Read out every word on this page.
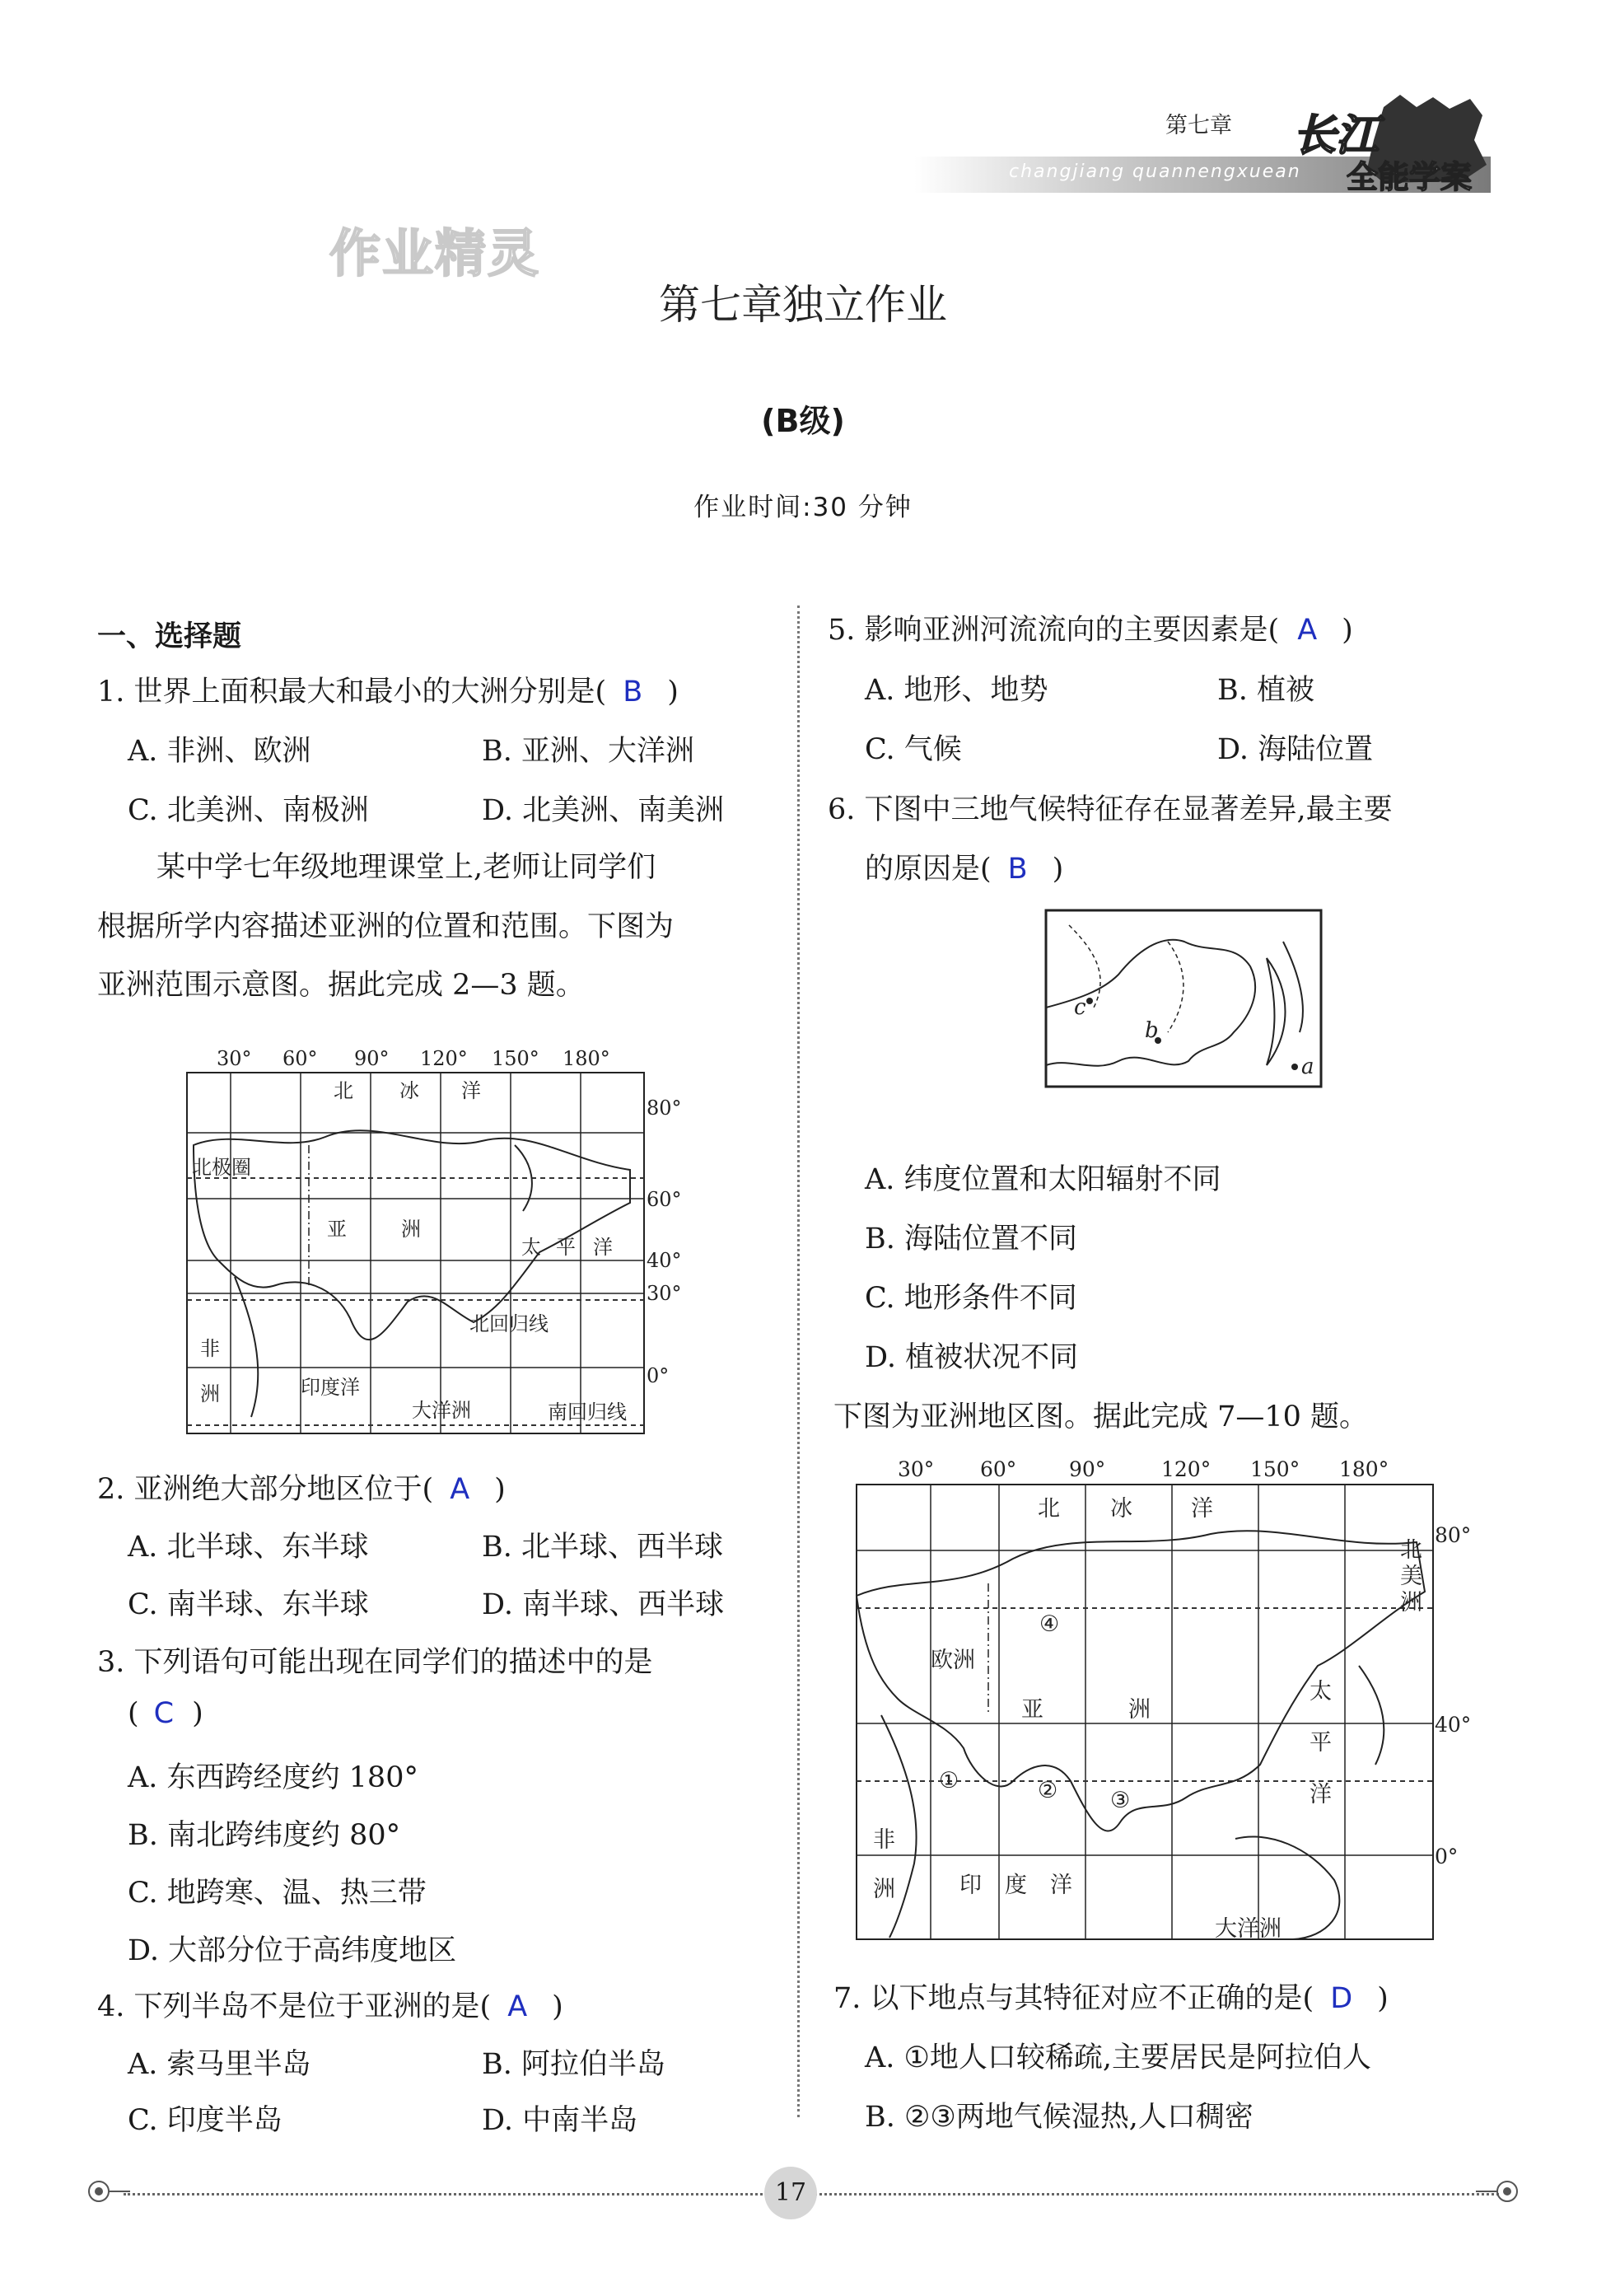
changjiang quannengxuean
第七章 长江
全能学案
作业精灵
第七章独立作业
(B级)
作业时间:30 分钟
一、选择题
1. 世界上面积最大和最小的大洲分别是( B )
A. 非洲、欧洲	B. 亚洲、大洋洲
C. 北美洲、南极洲	D. 北美洲、南美洲
某中学七年级地理课堂上,老师让同学们
根据所学内容描述亚洲的位置和范围。下图为
亚洲范围示意图。据此完成 2—3 题。
30° 60° 90° 120° 150° 180°
80°
60°
40°
30°
0°
北 冰 洋
北极圈
亚	洲
太 平 洋
北回归线
非
洲	印度洋
大洋洲	南回归线
2. 亚洲绝大部分地区位于( A )
A. 北半球、东半球	B. 北半球、西半球
C. 南半球、东半球	D. 南半球、西半球
3. 下列语句可能出现在同学们的描述中的是
( C )
A. 东西跨经度约 180°
B. 南北跨纬度约 80°
C. 地跨寒、温、热三带
D. 大部分位于高纬度地区
4. 下列半岛不是位于亚洲的是( A )
A. 索马里半岛	B. 阿拉伯半岛
C. 印度半岛	D. 中南半岛
5. 影响亚洲河流流向的主要因素是( A )
A. 地形、地势	B. 植被
C. 气候	D. 海陆位置
6. 下图中三地气候特征存在显著差异,最主要
的原因是( B )
c
b
a
A. 纬度位置和太阳辐射不同
B. 海陆位置不同
C. 地形条件不同
D. 植被状况不同
下图为亚洲地区图。据此完成 7—10 题。
30° 60°	90°	120° 150° 180°
80°
40°
0°
北 冰	洋
北
美
洲
欧洲
亚	洲
太
平
洋
非
洲	印 度 洋
大洋洲
①	② ③
④
7. 以下地点与其特征对应不正确的是( D )
A. ①地人口较稀疏,主要居民是阿拉伯人
B. ②③两地气候湿热,人口稠密
17
